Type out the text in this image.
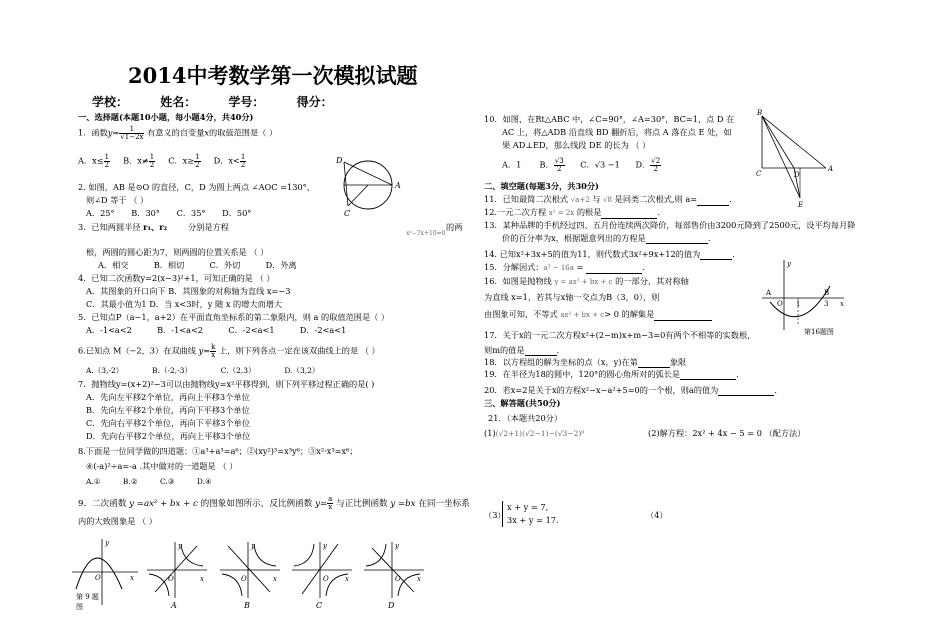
2014中考数学第一次模拟试题
学校：	姓名：	学号：	得分：
一、选择题(本题10小题，每小题4分，共40分)
1．函数$y= \frac{1}{√1-2x}$ 有意义的自变量x的取值范围是（ ）
A．$x\le \frac{1}{2}$ B．$x\ne \frac{1}{2}$ C．$x\ge \frac{1}{2}$ D．$x< \frac{1}{2}$
2. 如图，AB 是⊙O 的直径，C，D 为圆上两点 ∠AOC =130°，
则∠D 等于 （ ）
A．25° B．30° C．35° D．50°
3．已知两圆半径 r₁、r₂	分别是方程
x²−7x+10=0
的两
根，两圆的圆心距为7，则两圆的位置关系是 （ ）
A．相交	B．相切	C．外切	D．外离
4．已知二次函数y=2(x−3)²+1，可知正确的是 （ ）
A．其图象的开口向下 B．其图象的对称轴为直线 x=−3
C．其最小值为1 D．当 x<3时，y 随 x 的增大而增大
5．已知点P（a−1，a+2）在平面直角坐标系的第二象限内，则 a 的取值范围是（ ）
A．-1<a<2	B．-1<a<2	C．-2<a<1	D．-2<a<1
6.已知点 M（−2，3）在双曲线 $y= \frac{k}{x}$ 上，则下列各点一定在该双曲线上的是 （ ）
A.（3,-2）	B.（-2,-3）	C.（2,3）	D.（3,2）
7．抛物线y=(x+2)²−3可以由抛物线y=x²平移得到，则下列平移过程正确的是( )
A．先向左平移2个单位，再向上平移3个单位
B．先向左平移2个单位，再向下平移3个单位
C．先向右平移2个单位，再向下平移3个单位
D．先向右平移2个单位，再向上平移3个单位
8.下面是一位同学做的四道题：①a³+a³=a⁶；②(xy²)³=x³y⁶；③x²·x³=x⁶；
④(-a)²÷a=-a .其中做对的一道题是 （ ）
A.①	B.②	C.③	D.④
9．二次函数 y =ax² + bx + c 的图象如图所示，反比例函数 $y= \frac{a}{x}$ 与正比例函数 y =bx 在同一坐标系
内的大致图象是 （ ）
D
A
C
y
O	x
第 9 题
图
O	x
y
A
O	x
y
B
O x
y
C
O x
y
D
10．如图，在Rt△ABC 中，∠C=90°，∠A=30°，BC=1，点 D 在
AC 上，将△ADB 沿直线 BD 翻折后，将点 A 落在点 E 处，如
果 AD⊥ED，那么线段 DE 的长为 （ ）
A．1 B． $\frac{√3}{2}$ C．√3 −1 D． $\frac{√2}{2}$
二、填空题(每题3分，共30分)
11．已知最简二次根式 √a+2 与 √8 是同类二次根式,则 a=	.
12.一元二次方程 x² = 2x 的根是	.
13．某种品牌的手机经过四、五月份连续两次降价，每部售价由3200元降到了2500元，设平均每月降
价的百分率为x，根据题意列出的方程是	.
14. 已知x²+3x+5的值为11，则代数式3x²+9x+12的值为	.
15．分解因式：a³ − 16a =	.
16．如图是抛物线 y = ax² + bx + c 的一部分，其对称轴
为直线 x=1，若其与x轴一交点为B（3，0），则
由图象可知，不等式 ax² + bx + c> 0 的解集是
17．关于x的一元二次方程x²+(2−m)x+m−3=0有两个不相等的实数根，
则m的值是	.
18．以方程组的解为坐标的点（x，y)在第	象限
19．在半径为18的圆中，120°的圆心角所对的弧长是	.
20．若x=2是关于x的方程x²−x−a²+5=0的一个根，则a的值为	.
三、解答题(共50分)
21．（本题共20分）
(1)(√2+1)(√2−1)−(√3−2)⁰	(2)解方程：2x² + 4x − 5 = 0 （配方法）
（3）
x + y = 7,
3x + y = 17.	（4）
B
A
D
C
E
y
A	B
O 1	3 x
第16题图
